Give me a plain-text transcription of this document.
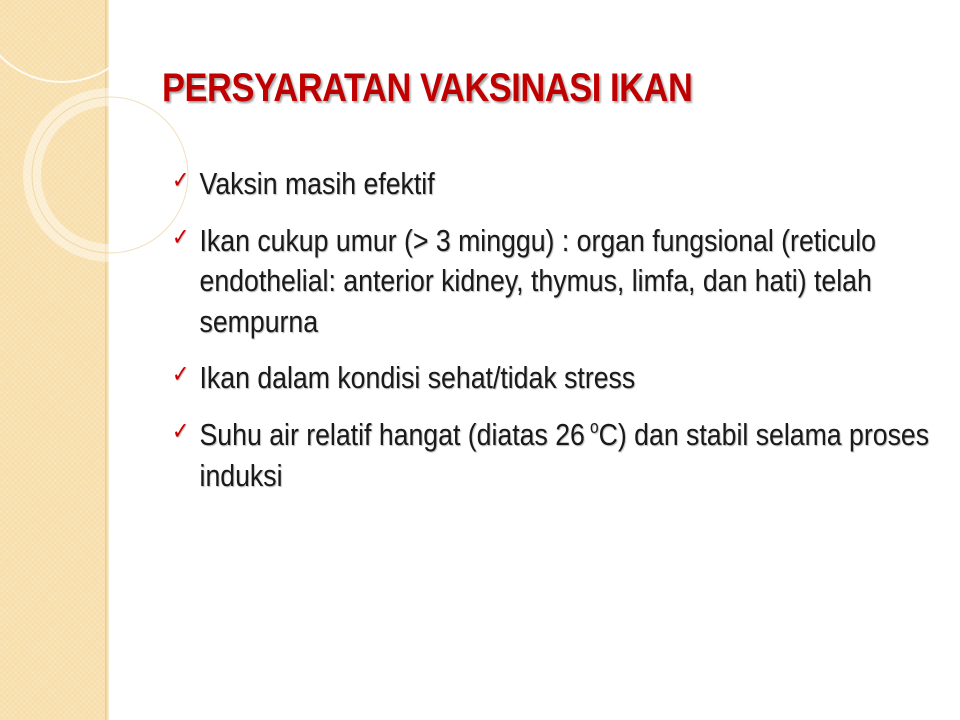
PERSYARATAN VAKSINASI IKAN
✓ Vaksin masih efektif
✓ Ikan cukup umur (> 3 minggu) : organ fungsional (reticulo endothelial: anterior kidney, thymus, limfa, dan hati) telah sempurna
✓ Ikan dalam kondisi sehat/tidak stress
✓ Suhu air relatif hangat (diatas 26 $^o$C) dan stabil selama proses induksi
